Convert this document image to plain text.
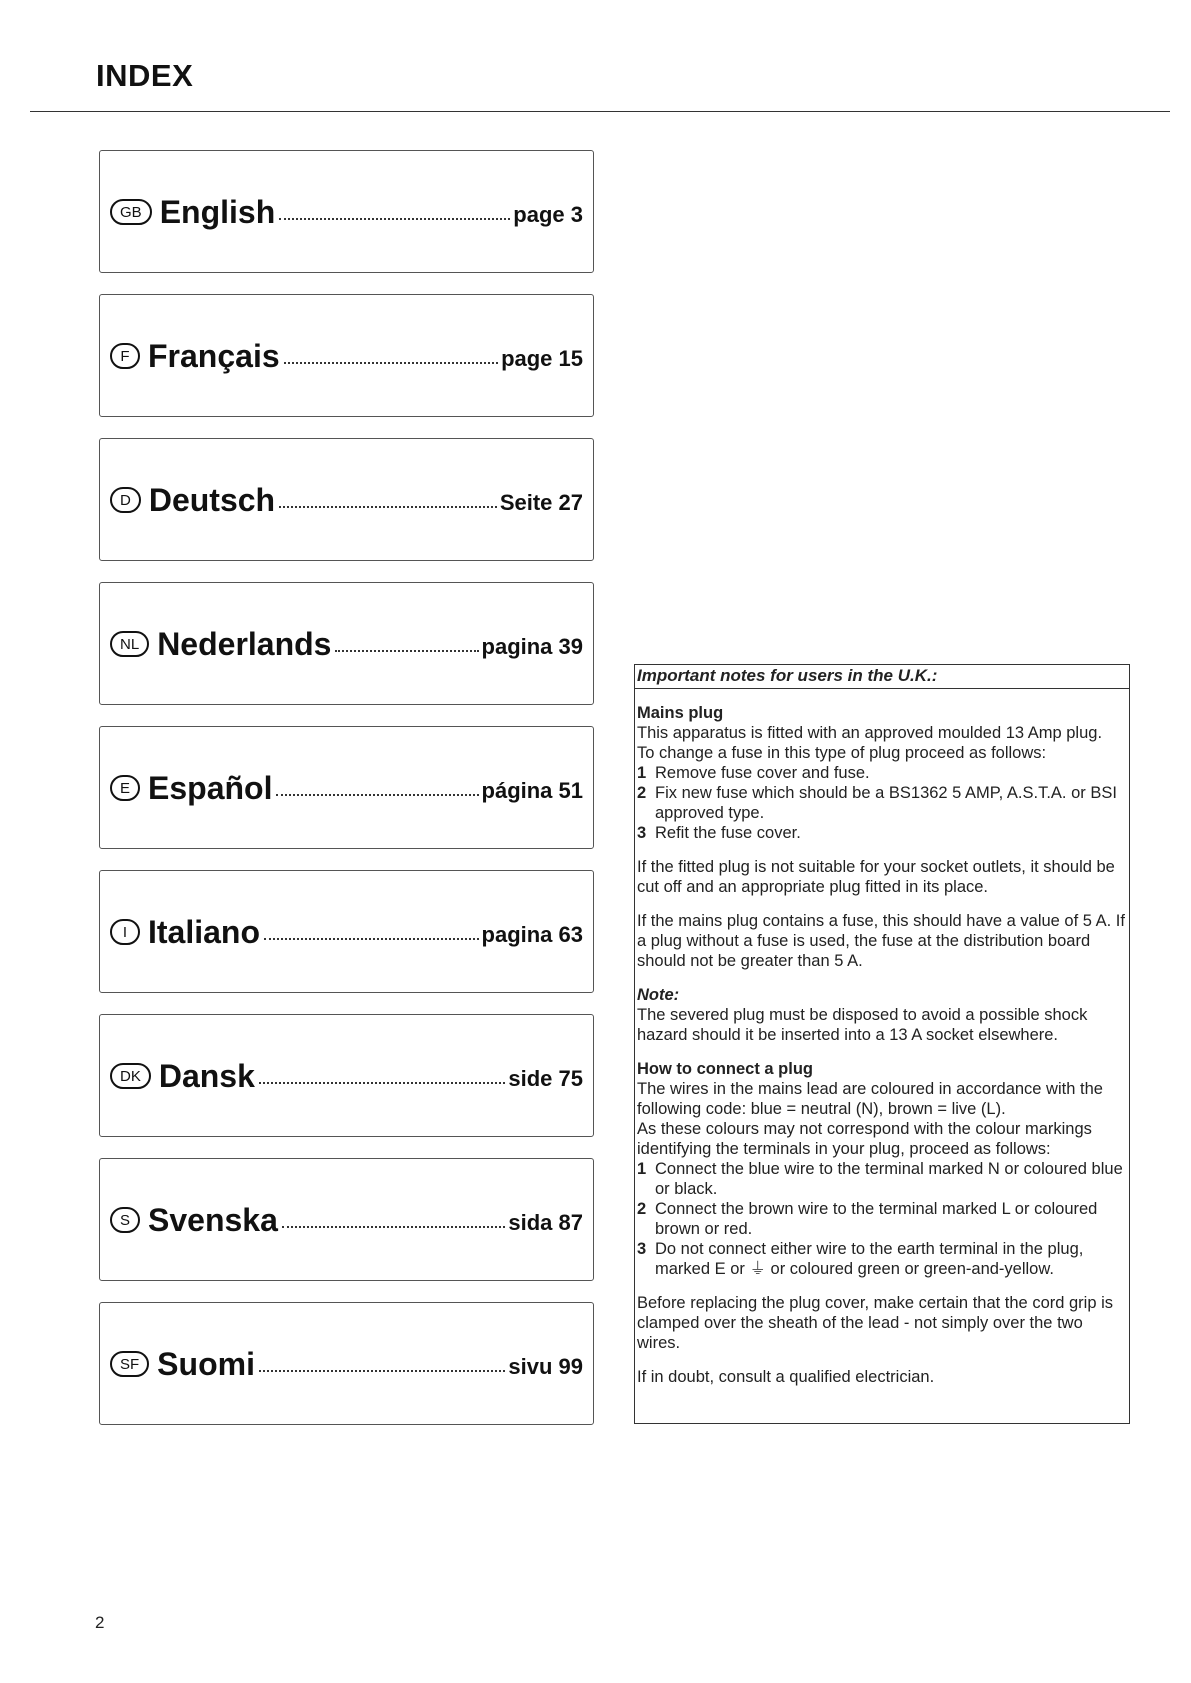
INDEX
GB English	page 3
F Français	page 15
D Deutsch	Seite 27
NL Nederlands	pagina 39
E Español	página 51
I Italiano	pagina 63
DK Dansk	side 75
S Svenska	sida 87
SF Suomi	sivu 99
Important notes for users in the U.K.:
Mains plug
This apparatus is fitted with an approved moulded 13 Amp plug.
To change a fuse in this type of plug proceed as follows:
1 Remove fuse cover and fuse.
2 Fix new fuse which should be a BS1362 5 AMP, A.S.T.A. or BSI approved type.
3 Refit the fuse cover.
If the fitted plug is not suitable for your socket outlets, it should be cut off and an appropriate plug fitted in its place.
If the mains plug contains a fuse, this should have a value of 5 A. If a plug without a fuse is used, the fuse at the distribution board should not be greater than 5 A.
Note:
The severed plug must be disposed to avoid a possible shock hazard should it be inserted into a 13 A socket elsewhere.
How to connect a plug
The wires in the mains lead are coloured in accordance with the following code: blue = neutral (N), brown = live (L).
As these colours may not correspond with the colour markings identifying the terminals in your plug, proceed as follows:
1 Connect the blue wire to the terminal marked N or coloured blue or black.
2 Connect the brown wire to the terminal marked L or coloured brown or red.
3 Do not connect either wire to the earth terminal in the plug, marked E or ⏚ or coloured green or green-and-yellow.
Before replacing the plug cover, make certain that the cord grip is clamped over the sheath of the lead - not simply over the two wires.
If in doubt, consult a qualified electrician.
2
